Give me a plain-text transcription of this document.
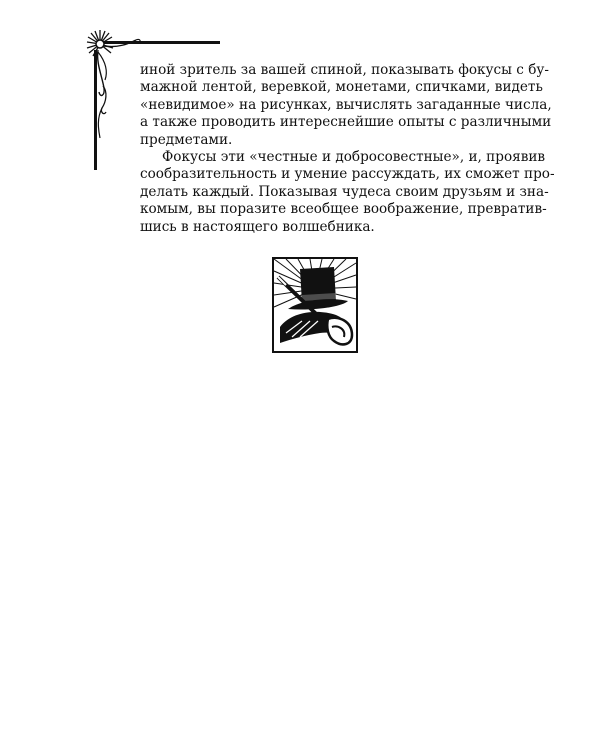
иной зритель за вашей спиной, показывать фокусы с бу-
мажной лентой, веревкой, монетами, спичками, видеть
«невидимое» на рисунках, вычислять загаданные числа,
а также проводить интереснейшие опыты с различными
предметами.

Фокусы эти «честные и добросовестные», и, проявив
сообразительность и умение рассуждать, их сможет про-
делать каждый. Показывая чудеса своим друзьям и зна-
комым, вы поразите всеобщее воображение, превратив-
шись в настоящего волшебника.
